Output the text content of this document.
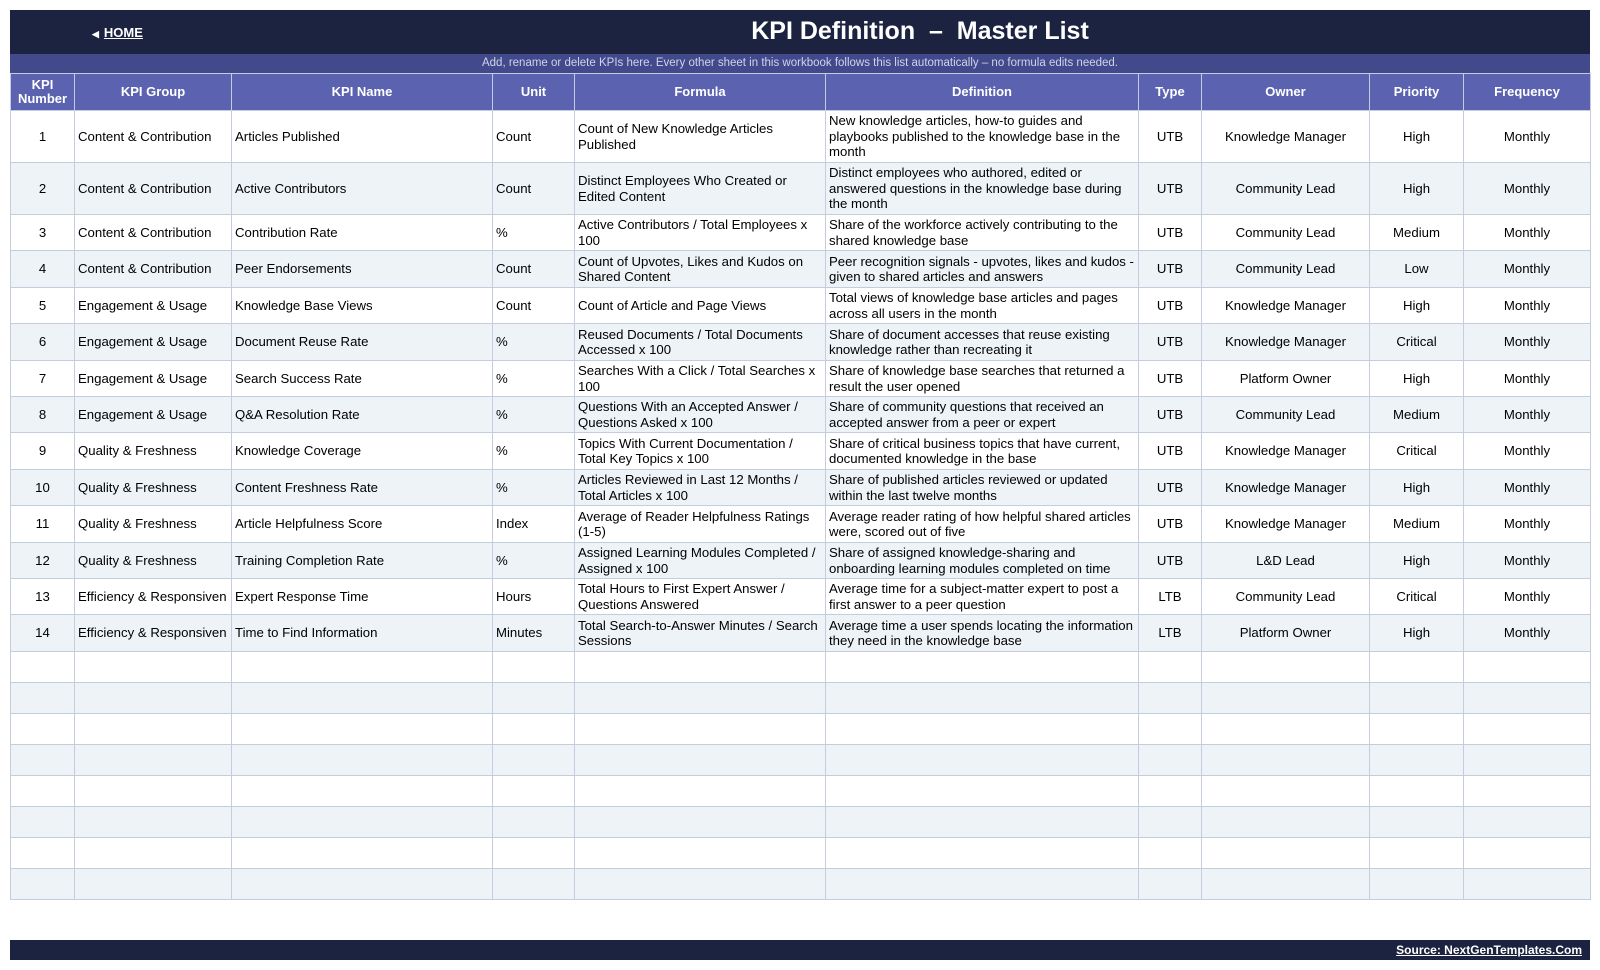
◀ HOME	KPI Definition  –  Master List
Add, rename or delete KPIs here. Every other sheet in this workbook follows this list automatically – no formula edits needed.
KPI Number	KPI Group	KPI Name	Unit	Formula	Definition	Type	Owner	Priority	Frequency
1	Content & Contribution	Articles Published	Count	Count of New Knowledge Articles Published	New knowledge articles, how-to guides and playbooks published to the knowledge base in the month	UTB	Knowledge Manager	High	Monthly
2	Content & Contribution	Active Contributors	Count	Distinct Employees Who Created or Edited Content	Distinct employees who authored, edited or answered questions in the knowledge base during the month	UTB	Community Lead	High	Monthly
3	Content & Contribution	Contribution Rate	%	Active Contributors / Total Employees x 100	Share of the workforce actively contributing to the shared knowledge base	UTB	Community Lead	Medium	Monthly
4	Content & Contribution	Peer Endorsements	Count	Count of Upvotes, Likes and Kudos on Shared Content	Peer recognition signals - upvotes, likes and kudos - given to shared articles and answers	UTB	Community Lead	Low	Monthly
5	Engagement & Usage	Knowledge Base Views	Count	Count of Article and Page Views	Total views of knowledge base articles and pages across all users in the month	UTB	Knowledge Manager	High	Monthly
6	Engagement & Usage	Document Reuse Rate	%	Reused Documents / Total Documents Accessed x 100	Share of document accesses that reuse existing knowledge rather than recreating it	UTB	Knowledge Manager	Critical	Monthly
7	Engagement & Usage	Search Success Rate	%	Searches With a Click / Total Searches x 100	Share of knowledge base searches that returned a result the user opened	UTB	Platform Owner	High	Monthly
8	Engagement & Usage	Q&A Resolution Rate	%	Questions With an Accepted Answer / Questions Asked x 100	Share of community questions that received an accepted answer from a peer or expert	UTB	Community Lead	Medium	Monthly
9	Quality & Freshness	Knowledge Coverage	%	Topics With Current Documentation / Total Key Topics x 100	Share of critical business topics that have current, documented knowledge in the base	UTB	Knowledge Manager	Critical	Monthly
10	Quality & Freshness	Content Freshness Rate	%	Articles Reviewed in Last 12 Months / Total Articles x 100	Share of published articles reviewed or updated within the last twelve months	UTB	Knowledge Manager	High	Monthly
11	Quality & Freshness	Article Helpfulness Score	Index	Average of Reader Helpfulness Ratings (1-5)	Average reader rating of how helpful shared articles were, scored out of five	UTB	Knowledge Manager	Medium	Monthly
12	Quality & Freshness	Training Completion Rate	%	Assigned Learning Modules Completed / Assigned x 100	Share of assigned knowledge-sharing and onboarding learning modules completed on time	UTB	L&D Lead	High	Monthly
13	Efficiency & Responsiven	Expert Response Time	Hours	Total Hours to First Expert Answer / Questions Answered	Average time for a subject-matter expert to post a first answer to a peer question	LTB	Community Lead	Critical	Monthly
14	Efficiency & Responsiven	Time to Find Information	Minutes	Total Search-to-Answer Minutes / Search Sessions	Average time a user spends locating the information they need in the knowledge base	LTB	Platform Owner	High	Monthly

Source: NextGenTemplates.Com
